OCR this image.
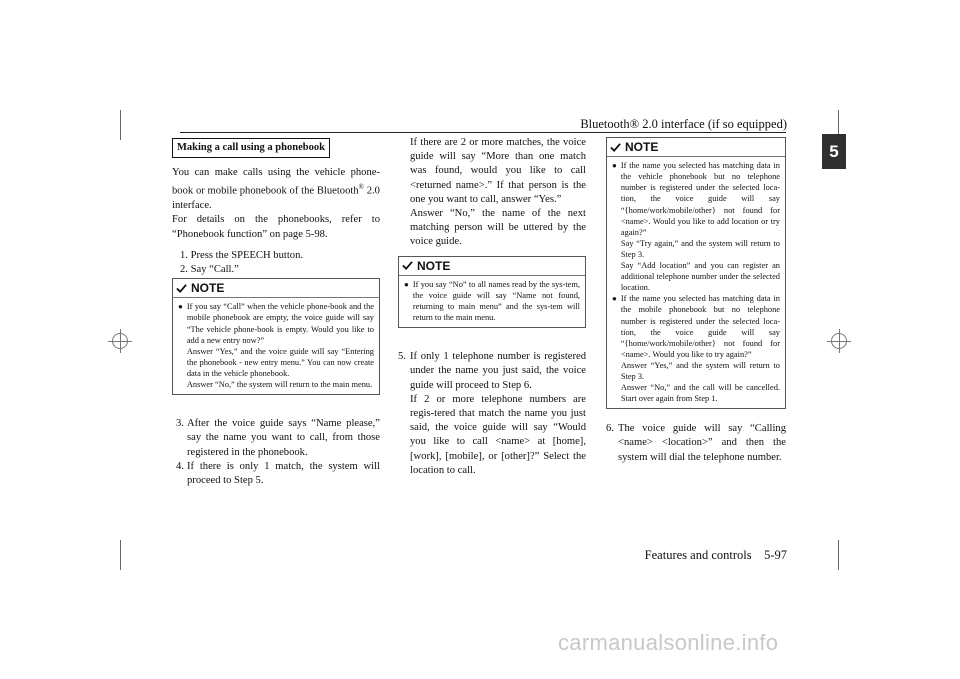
Bluetooth® 2.0 interface (if so equipped)
5
Making a call using a phonebook

You can make calls using the vehicle phone-book or mobile phonebook of the Bluetooth® 2.0 interface.

For details on the phonebooks, refer to “Phonebook function” on page 5-98.

1. Press the SPEECH button.

2. Say “Call.”

NOTE
● If you say “Call” when the vehicle phone-book and the mobile phonebook are empty, the voice guide will say “The vehicle phone-book is empty. Would you like to add a new entry now?”
Answer “Yes,” and the voice guide will say “Entering the phonebook - new entry menu.” You can now create data in the vehicle phonebook.
Answer “No,” the system will return to the main menu.
3. After the voice guide says “Name please,” say the name you want to call, from those registered in the phonebook.
4. If there is only 1 match, the system will proceed to Step 5.

If there are 2 or more matches, the voice guide will say “More than one match was found, would you like to call <returned name>.” If that person is the one you want to call, answer “Yes.”

Answer “No,” the name of the next matching person will be uttered by the voice guide.

NOTE
● If you say “No” to all names read by the sys-tem, the voice guide will say “Name not found, returning to main menu” and the sys-tem will return to the main menu.
5. If only 1 telephone number is registered under the name you just said, the voice guide will proceed to Step 6.
If 2 or more telephone numbers are regis-tered that match the name you just said, the voice guide will say “Would you like to call <name> at [home], [work], [mobile], or [other]?” Select the location to call.
NOTE
● If the name you selected has matching data in the vehicle phonebook but no telephone number is registered under the selected loca-tion, the voice guide will say “{home/work/mobile/other} not found for <name>. Would you like to add location or try again?”
Say “Try again,” and the system will return to Step 3.
Say “Add location” and you can register an additional telephone number under the selected location.
● If the name you selected has matching data in the mobile phonebook but no telephone number is registered under the selected loca-tion, the voice guide will say “{home/work/mobile/other} not found for <name>. Would you like to try again?”
Answer “Yes,” and the system will return to Step 3.
Answer “No,” and the call will be cancelled. Start over again from Step 1.
6. The voice guide will say “Calling <name> <location>” and then the system will dial the telephone number.
Features and controls    5-97
carmanualsonline.info
